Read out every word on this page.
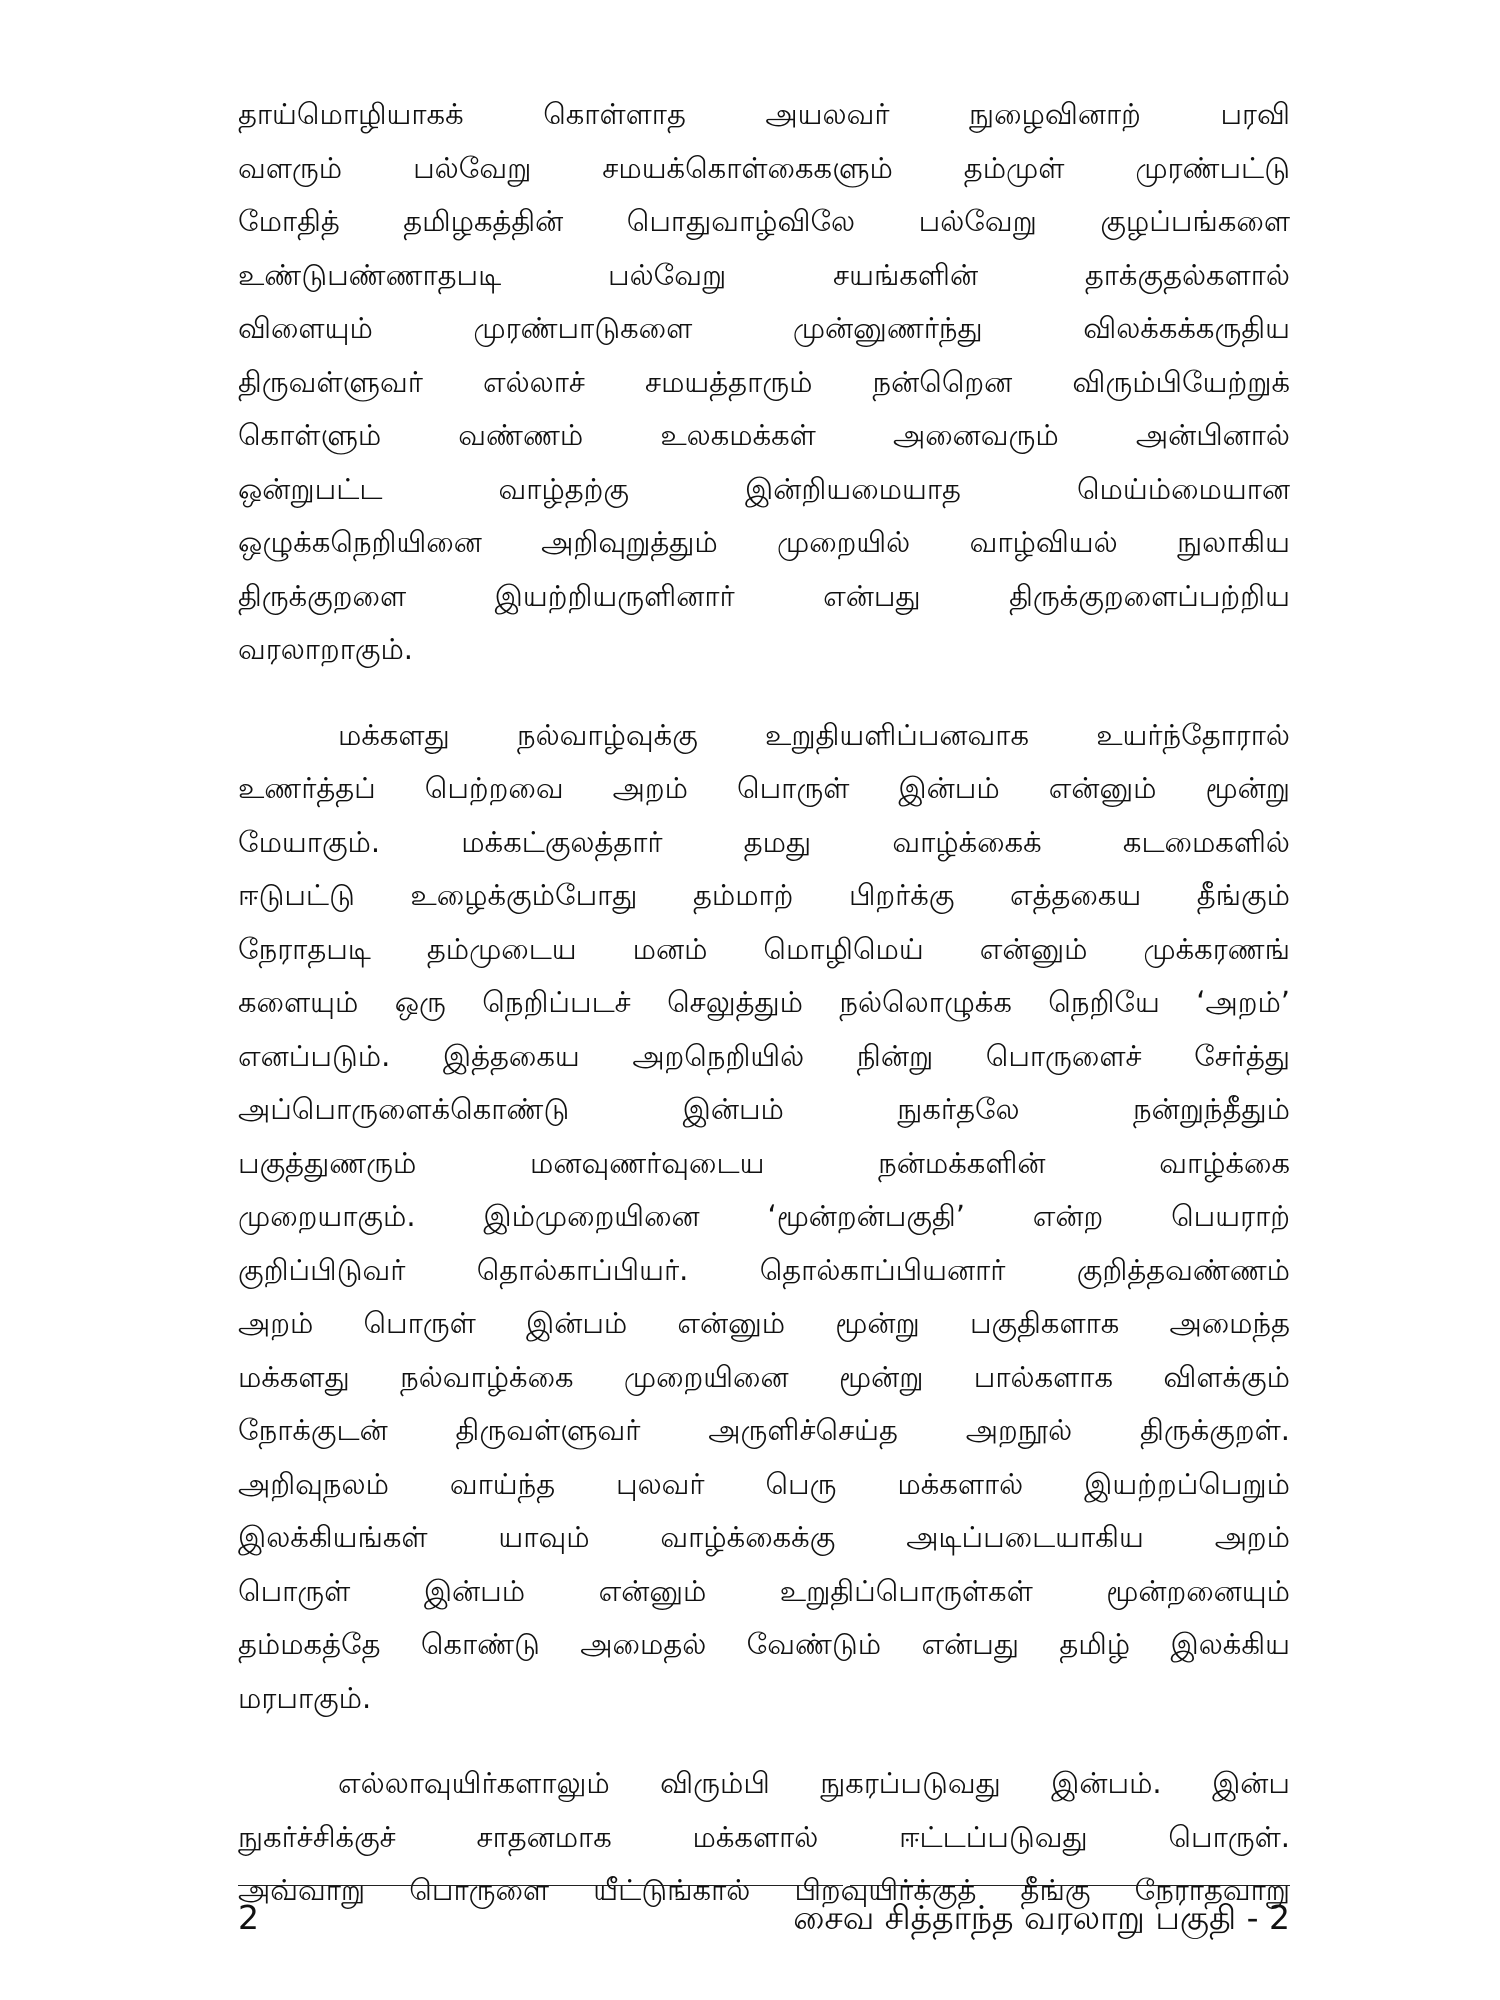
தாய்மொழியாகக் கொள்ளாத அயலவர் நுழைவினாற் பரவி
வளரும் பல்வேறு சமயக்கொள்கைகளும் தம்முள் முரண்பட்டு
மோதித் தமிழகத்தின் பொதுவாழ்விலே பல்வேறு குழப்பங்களை
உண்டுபண்ணாதபடி பல்வேறு சயங்களின் தாக்குதல்களால்
விளையும் முரண்பாடுகளை முன்னுணர்ந்து விலக்கக்கருதிய
திருவள்ளுவர் எல்லாச் சமயத்தாரும் நன்றெென விரும்பியேற்றுக்
கொள்ளும் வண்ணம் உலகமக்கள் அனைவரும் அன்பினால்
ஒன்றுபட்ட வாழ்தற்கு இன்றியமையாத மெய்ம்மையான
ஒழுக்கநெறியினை அறிவுறுத்தும் முறையில் வாழ்வியல் நுலாகிய
திருக்குறளை இயற்றியருளினார் என்பது திருக்குறளைப்பற்றிய
வரலாறாகும்.
மக்களது நல்வாழ்வுக்கு உறுதியளிப்பனவாக உயர்ந்தோரால்
உணர்த்தப் பெற்றவை அறம் பொருள் இன்பம் என்னும் மூன்று
மேயாகும். மக்கட்குலத்தார் தமது வாழ்க்கைக் கடமைகளில்
ஈடுபட்டு உழைக்கும்போது தம்மாற் பிறர்க்கு எத்தகைய தீங்கும்
நேராதபடி தம்முடைய மனம் மொழிமெய் என்னும் முக்கரணங்
களையும் ஒரு நெறிப்படச் செலுத்தும் நல்லொழுக்க நெறியே ‘அறம்’
எனப்படும். இத்தகைய அறநெறியில் நின்று பொருளைச் சேர்த்து
அப்பொருளைக்கொண்டு இன்பம் நுகர்தலே நன்றுந்தீதும்
பகுத்துணரும் மனவுணர்வுடைய நன்மக்களின் வாழ்க்கை
முறையாகும். இம்முறையினை ‘மூன்றன்பகுதி’ என்ற பெயராற்
குறிப்பிடுவர் தொல்காப்பியர். தொல்காப்பியனார் குறித்தவண்ணம்
அறம் பொருள் இன்பம் என்னும் மூன்று பகுதிகளாக அமைந்த
மக்களது நல்வாழ்க்கை முறையினை மூன்று பால்களாக விளக்கும்
நோக்குடன் திருவள்ளுவர் அருளிச்செய்த அறநூல் திருக்குறள்.
அறிவுநலம் வாய்ந்த புலவர் பெரு மக்களால் இயற்றப்பெறும்
இலக்கியங்கள் யாவும் வாழ்க்கைக்கு அடிப்படையாகிய அறம்
பொருள் இன்பம் என்னும் உறுதிப்பொருள்கள் மூன்றனையும்
தம்மகத்தே கொண்டு அமைதல் வேண்டும் என்பது தமிழ் இலக்கிய
மரபாகும்.
எல்லாவுயிர்களாலும் விரும்பி நுகரப்படுவது இன்பம். இன்ப
நுகர்ச்சிக்குச் சாதனமாக மக்களால் ஈட்டப்படுவது பொருள்.
அவ்வாறு பொருளை யீட்டுங்கால் பிறவுயிர்க்குத் தீங்கு நேராதவாறு
2	சைவ சித்தாந்த வரலாறு பகுதி - 2
